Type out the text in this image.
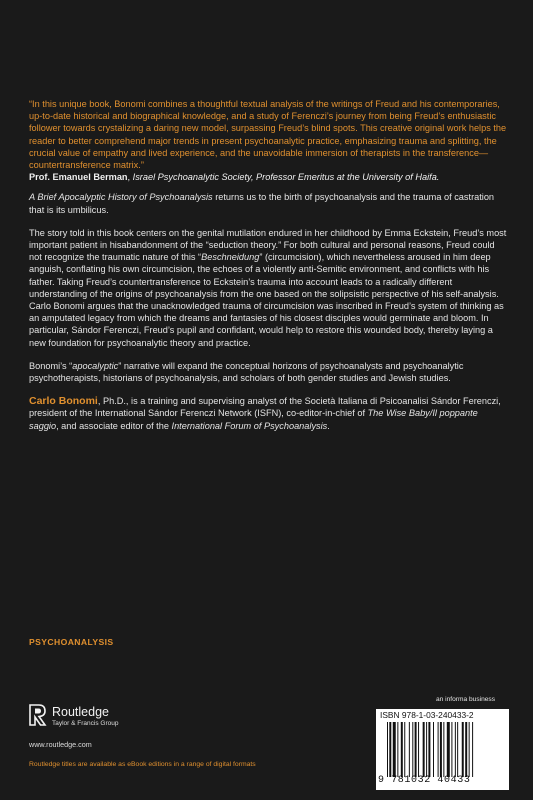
“In this unique book, Bonomi combines a thoughtful textual analysis of the writings of Freud and his contemporaries, up-to-date historical and biographical knowledge, and a study of Ferenczi’s journey from being Freud’s enthusiastic follower towards crystalizing a daring new model, surpassing Freud’s blind spots. This creative original work helps the reader to better comprehend major trends in present psychoanalytic practice, emphasizing trauma and splitting, the crucial value of empathy and lived experience, and the unavoidable immersion of therapists in the transference—countertransference matrix.”

Prof. Emanuel Berman, Israel Psychoanalytic Society, Professor Emeritus at the University of Haifa.

A Brief Apocalyptic History of Psychoanalysis returns us to the birth of psychoanalysis and the trauma of castration that is its umbilicus.

The story told in this book centers on the genital mutilation endured in her childhood by Emma Eckstein, Freud’s most important patient in hisabandonment of the “seduction theory.” For both cultural and personal reasons, Freud could not recognize the traumatic nature of this “Beschneidung” (circumcision), which nevertheless aroused in him deep anguish, conflating his own circumcision, the echoes of a violently anti-Semitic environment, and conflicts with his father. Taking Freud’s countertransference to Eckstein’s trauma into account leads to a radically different understanding of the origins of psychoanalysis from the one based on the solipsistic perspective of his self-analysis. Carlo Bonomi argues that the unacknowledged trauma of circumcision was inscribed in Freud’s system of thinking as an amputated legacy from which the dreams and fantasies of his closest disciples would germinate and bloom. In particular, Sándor Ferenczi, Freud’s pupil and confidant, would help to restore this wounded body, thereby laying a new foundation for psychoanalytic theory and practice.

Bonomi’s “apocalyptic” narrative will expand the conceptual horizons of psychoanalysts and psychoanalytic psychotherapists, historians of psychoanalysis, and scholars of both gender studies and Jewish studies.

Carlo Bonomi, Ph.D., is a training and supervising analyst of the Società Italiana di Psicoanalisi Sándor Ferenczi, president of the International Sándor Ferenczi Network (ISFN), co-editor-in-chief of The Wise Baby/Il poppante saggio, and associate editor of the International Forum of Psychoanalysis.

PSYCHOANALYSIS
Routledge
Taylor & Francis Group
www.routledge.com
Routledge titles are available as eBook editions in a range of digital formats
an informa business
ISBN 978-1-03-240433-2
9 781032 40433
